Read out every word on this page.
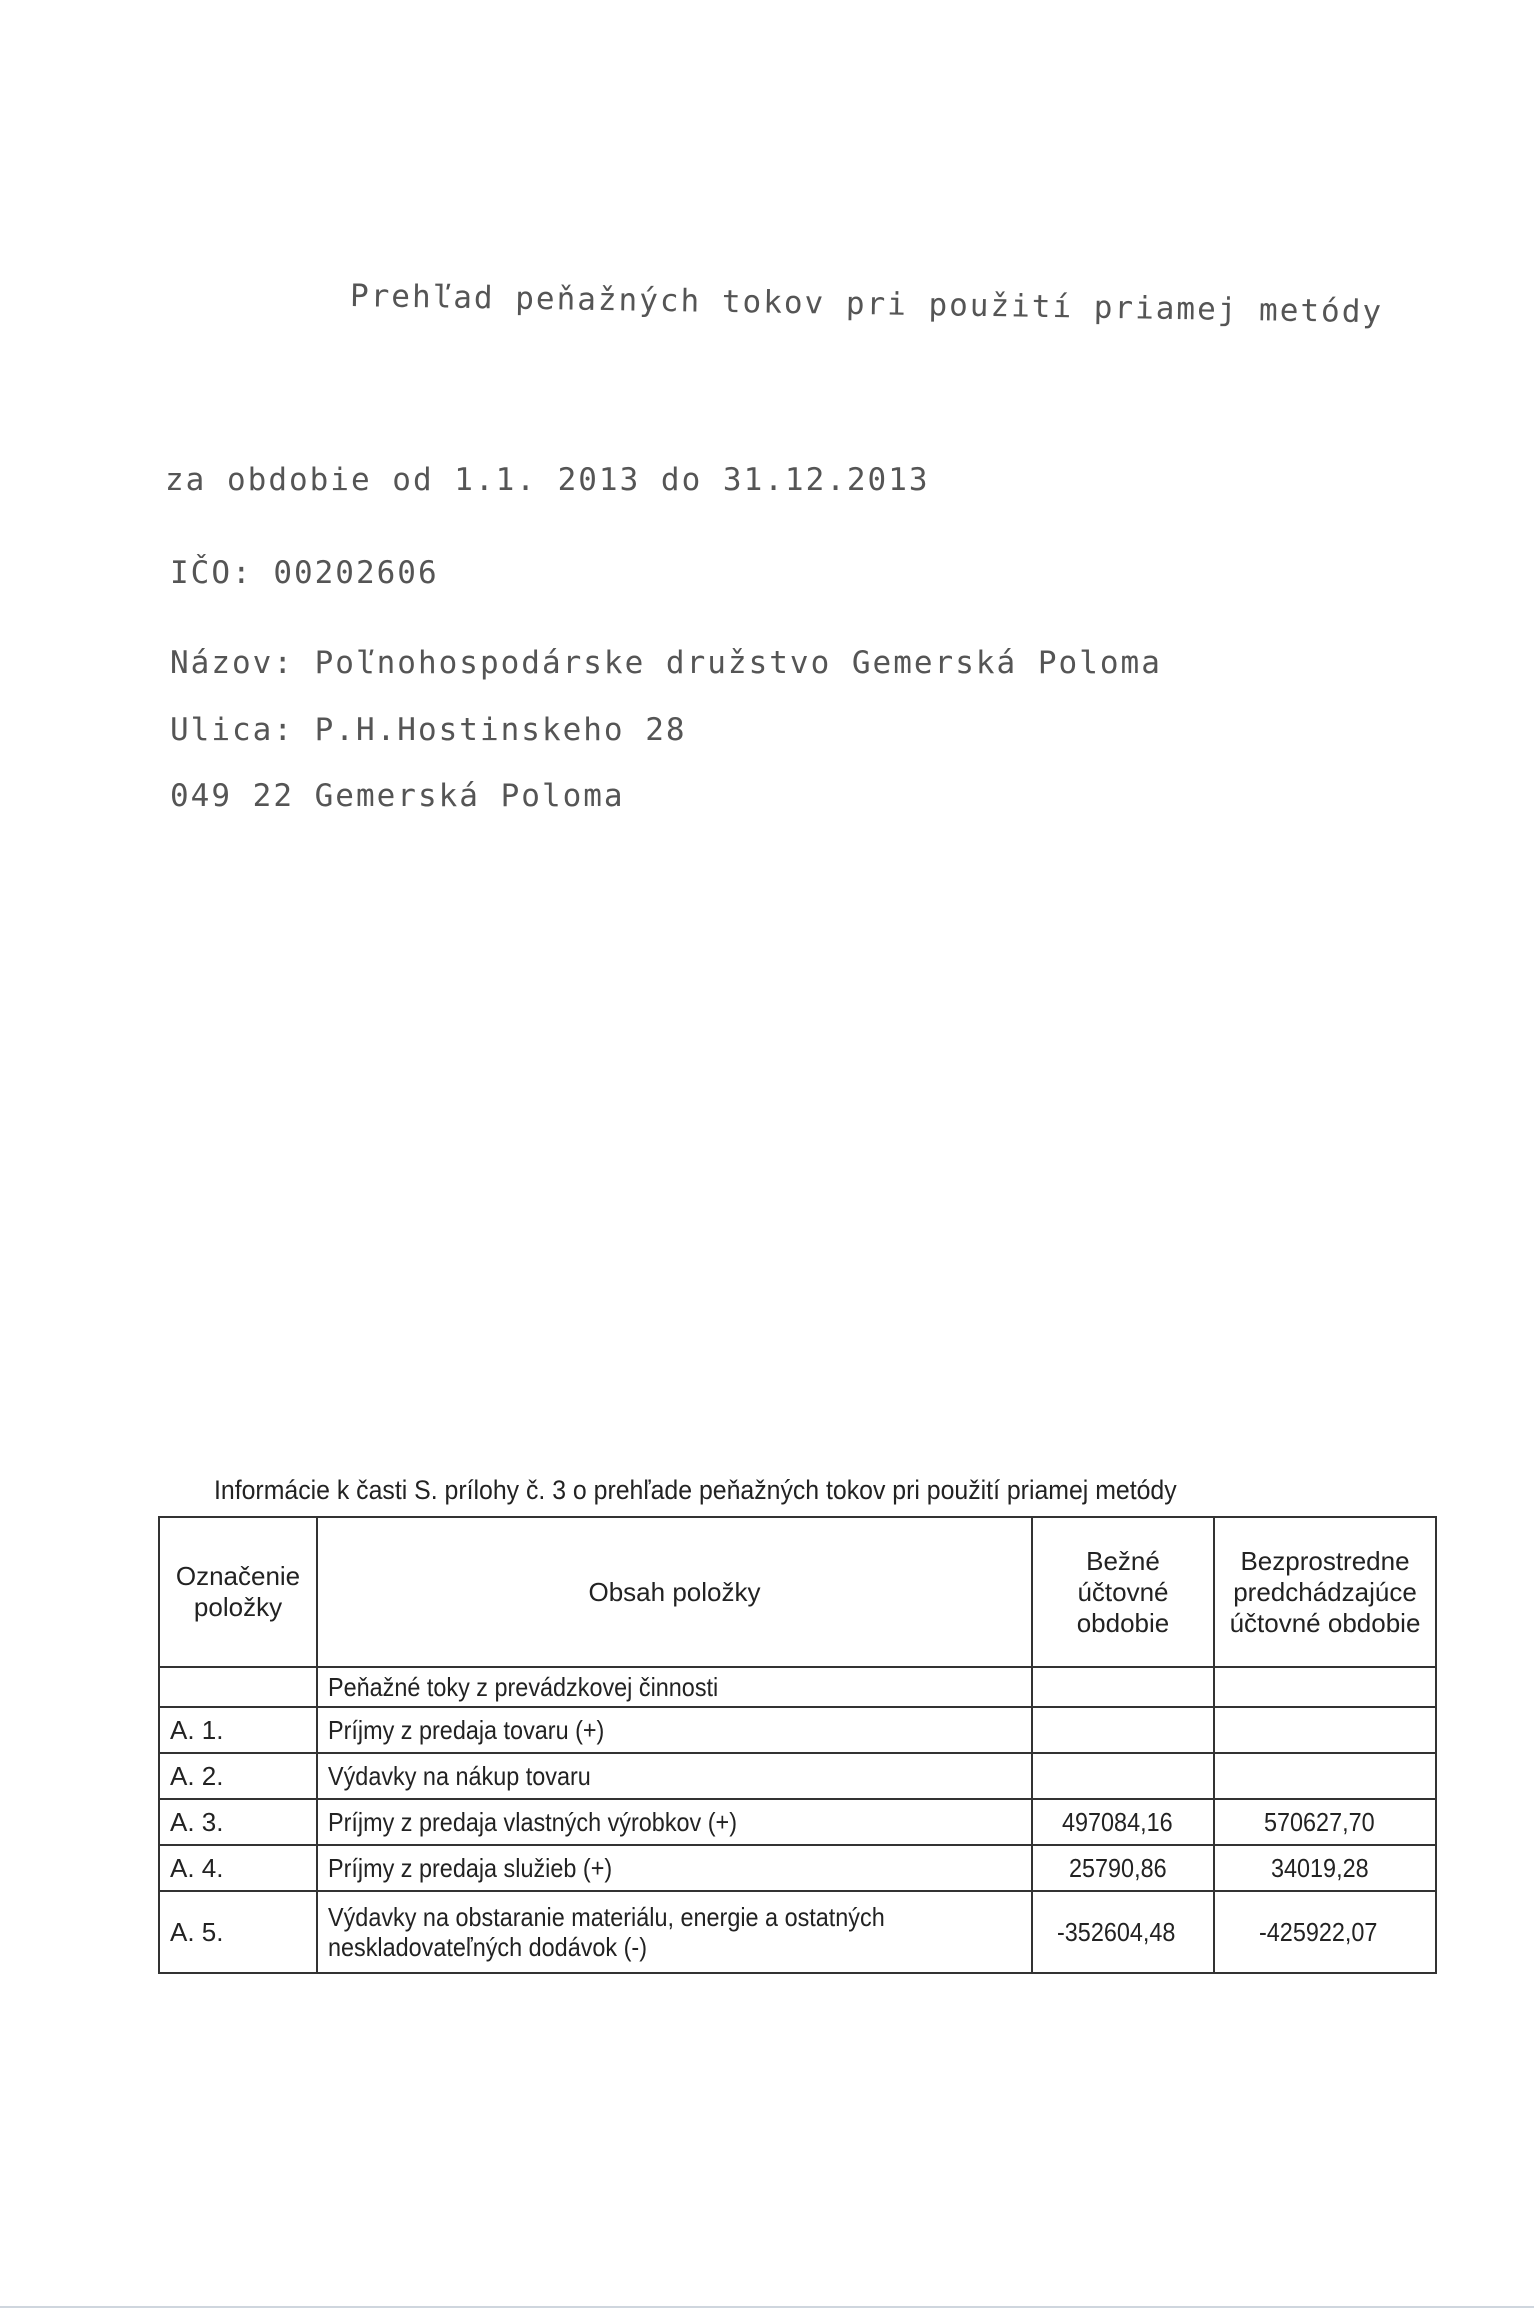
Prehľad peňažných tokov pri použití priamej metódy
za obdobie od 1.1. 2013 do 31.12.2013
IČO: 00202606
Názov: Poľnohospodárske družstvo Gemerská Poloma
Ulica: P.H.Hostinskeho 28
049 22 Gemerská Poloma
Informácie k časti S. prílohy č. 3 o prehľade peňažných tokov pri použití priamej metódy
Označenie položky	Obsah položky	Bežné účtovné obdobie	Bezprostredne predchádzajúce účtovné obdobie
	Peňažné toky z prevádzkovej činnosti		
A. 1.	Príjmy z predaja tovaru (+)		
A. 2.	Výdavky na nákup tovaru		
A. 3.	Príjmy z predaja vlastných výrobkov (+)	497084,16	570627,70
A. 4.	Príjmy z predaja služieb (+)	25790,86	34019,28
A. 5.	Výdavky na obstaranie materiálu, energie a ostatných neskladovateľných dodávok (-)	-352604,48	-425922,07
